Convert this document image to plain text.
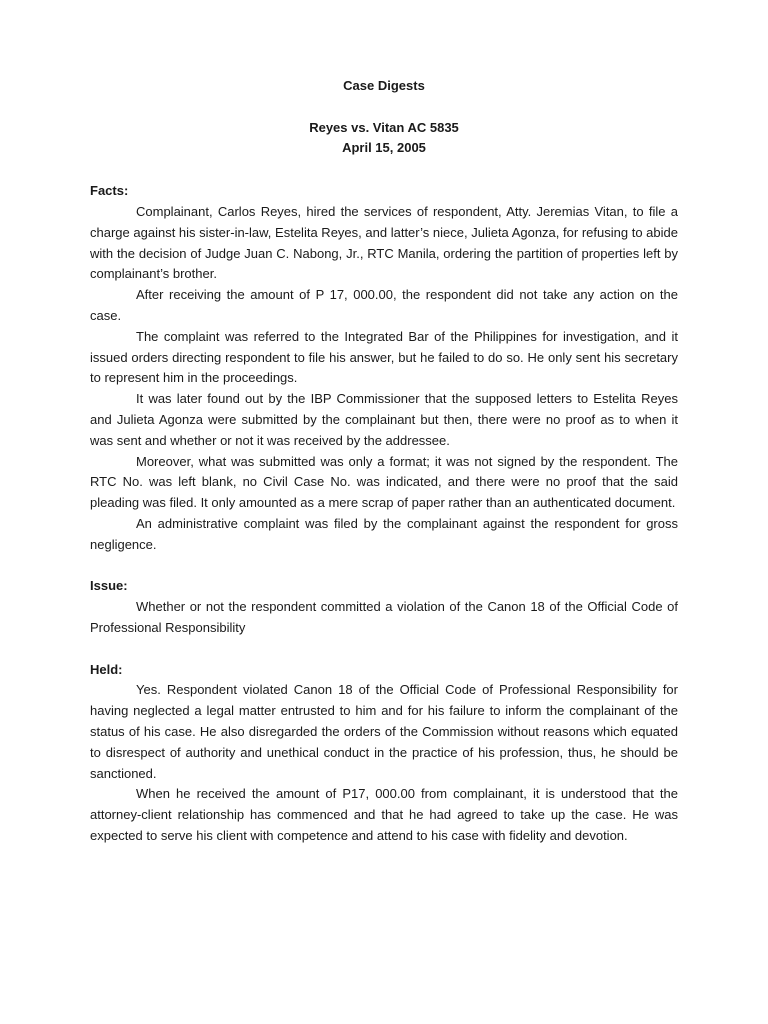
Case Digests
Reyes vs. Vitan AC 5835
April 15, 2005
Facts:

Complainant, Carlos Reyes, hired the services of respondent, Atty. Jeremias Vitan, to file a charge against his sister-in-law, Estelita Reyes, and latter’s niece, Julieta Agonza, for refusing to abide with the decision of Judge Juan C. Nabong, Jr., RTC Manila, ordering the partition of properties left by complainant’s brother.

After receiving the amount of P 17, 000.00, the respondent did not take any action on the case.

The complaint was referred to the Integrated Bar of the Philippines for investigation, and it issued orders directing respondent to file his answer, but he failed to do so. He only sent his secretary to represent him in the proceedings.

It was later found out by the IBP Commissioner that the supposed letters to Estelita Reyes and Julieta Agonza were submitted by the complainant but then, there were no proof as to when it was sent and whether or not it was received by the addressee.

Moreover, what was submitted was only a format; it was not signed by the respondent. The RTC No. was left blank, no Civil Case No. was indicated, and there were no proof that the said pleading was filed. It only amounted as a mere scrap of paper rather than an authenticated document.

An administrative complaint was filed by the complainant against the respondent for gross negligence.

Issue:

Whether or not the respondent committed a violation of the Canon 18 of the Official Code of Professional Responsibility

Held:

Yes. Respondent violated Canon 18 of the Official Code of Professional Responsibility for having neglected a legal matter entrusted to him and for his failure to inform the complainant of the status of his case. He also disregarded the orders of the Commission without reasons which equated to disrespect of authority and unethical conduct in the practice of his profession, thus, he should be sanctioned.

When he received the amount of P17, 000.00 from complainant, it is understood that the attorney-client relationship has commenced and that he had agreed to take up the case. He was expected to serve his client with competence and attend to his case with fidelity and devotion.
